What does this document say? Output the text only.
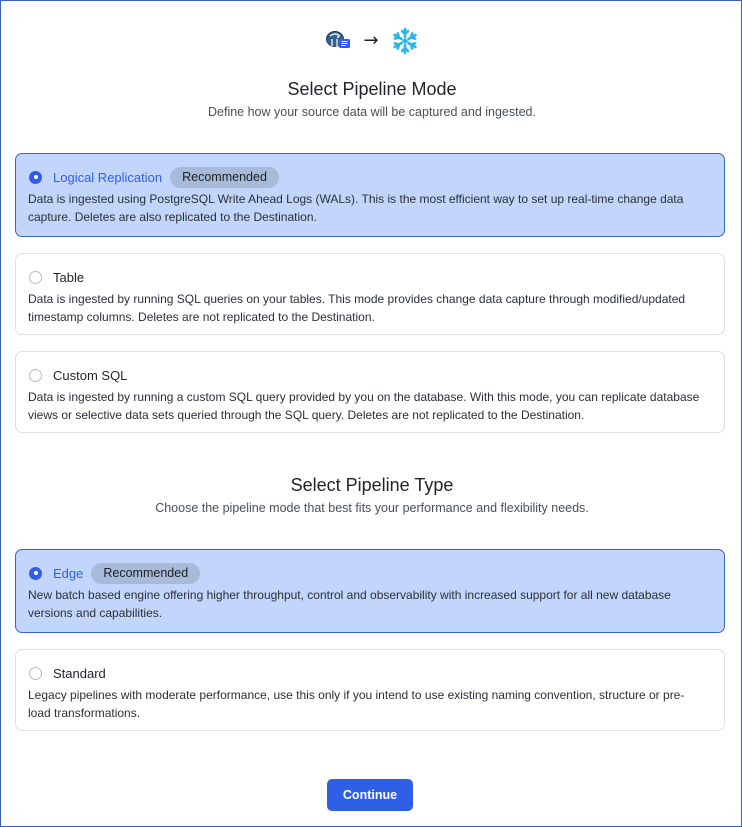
→
Select Pipeline Mode
Define how your source data will be captured and ingested.
Logical Replication	Recommended
Data is ingested using PostgreSQL Write Ahead Logs (WALs). This is the most efficient way to set up real-time change data capture. Deletes are also replicated to the Destination.
Table
Data is ingested by running SQL queries on your tables. This mode provides change data capture through modified/updated timestamp columns. Deletes are not replicated to the Destination.
Custom SQL
Data is ingested by running a custom SQL query provided by you on the database. With this mode, you can replicate database views or selective data sets queried through the SQL query. Deletes are not replicated to the Destination.
Select Pipeline Type
Choose the pipeline mode that best fits your performance and flexibility needs.
Edge	Recommended
New batch based engine offering higher throughput, control and observability with increased support for all new database versions and capabilities.
Standard
Legacy pipelines with moderate performance, use this only if you intend to use existing naming convention, structure or pre-load transformations.
Continue
